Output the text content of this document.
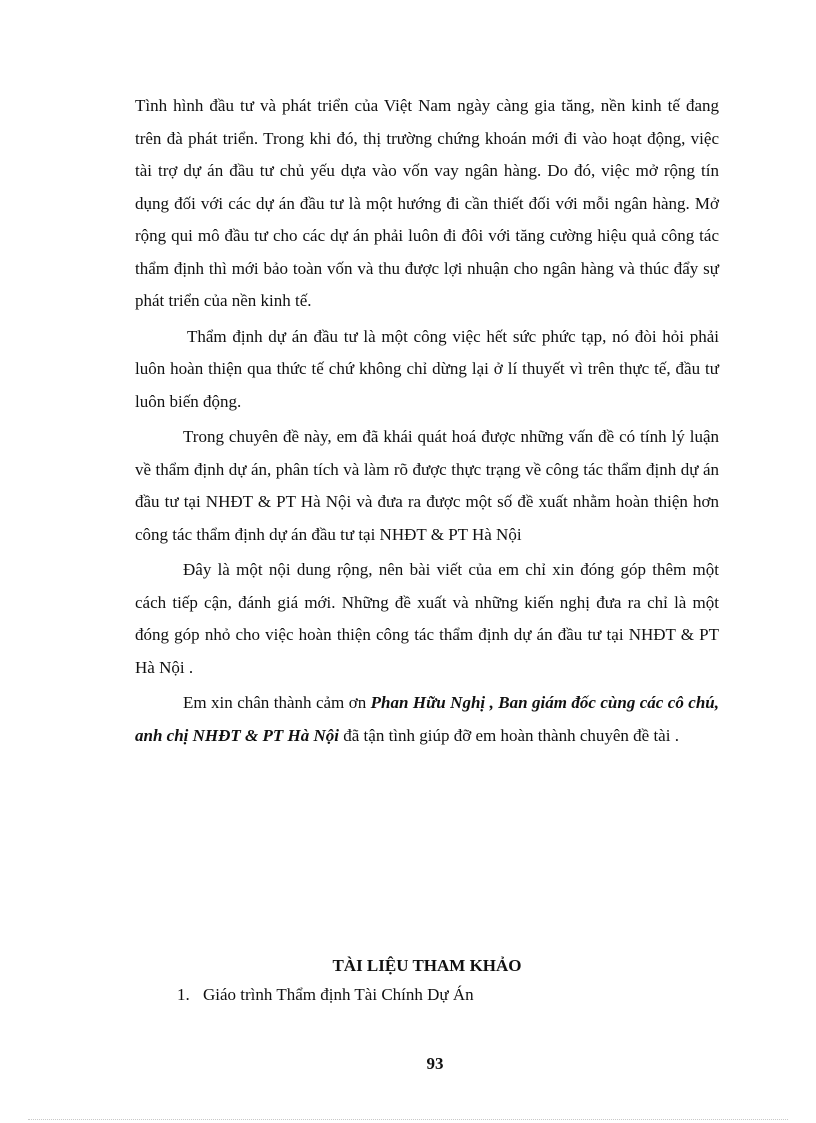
Tình hình đầu tư và phát triển của Việt Nam ngày càng gia tăng, nền kinh tế đang trên đà phát triển. Trong khi đó, thị trường chứng khoán mới đi vào hoạt động, việc tài trợ dự án đầu tư chủ yếu dựa vào vốn vay ngân hàng. Do đó, việc mở rộng tín dụng đối với các dự án đầu tư là một hướng đi cần thiết đối với mỗi ngân hàng. Mở rộng qui mô đầu tư cho các dự án phải luôn đi đôi với tăng cường hiệu quả công tác thẩm định thì mới bảo toàn vốn và thu được lợi nhuận cho ngân hàng và thúc đẩy sự phát triển của nền kinh tế.

Thẩm định dự án đầu tư là một công việc hết sức phức tạp, nó đòi hỏi phải luôn hoàn thiện qua thức tế chứ không chỉ dừng lại ở lí thuyết vì trên thực tế, đầu tư luôn biến động.

Trong chuyên đề này, em đã khái quát hoá được những vấn đề có tính lý luận về thẩm định dự án, phân tích và làm rõ được thực trạng về công tác thẩm định dự án đầu tư tại NHĐT & PT Hà Nội và đưa ra được một số đề xuất nhằm hoàn thiện hơn công tác thẩm định dự án đầu tư tại NHĐT & PT Hà Nội

Đây là một nội dung rộng, nên bài viết của em chỉ xin đóng góp thêm một cách tiếp cận, đánh giá mới. Những đề xuất và những kiến nghị đưa ra chỉ là một đóng góp nhỏ cho việc hoàn thiện công tác thẩm định dự án đầu tư tại NHĐT & PT Hà Nội .

Em xin chân thành cảm ơn Phan Hữu Nghị , Ban giám đốc cùng các cô chú, anh chị NHĐT & PT Hà Nội đã tận tình giúp đỡ em hoàn thành chuyên đề tài .

TÀI LIỆU THAM KHẢO
1. Giáo trình Thẩm định Tài Chính Dự Án
93
